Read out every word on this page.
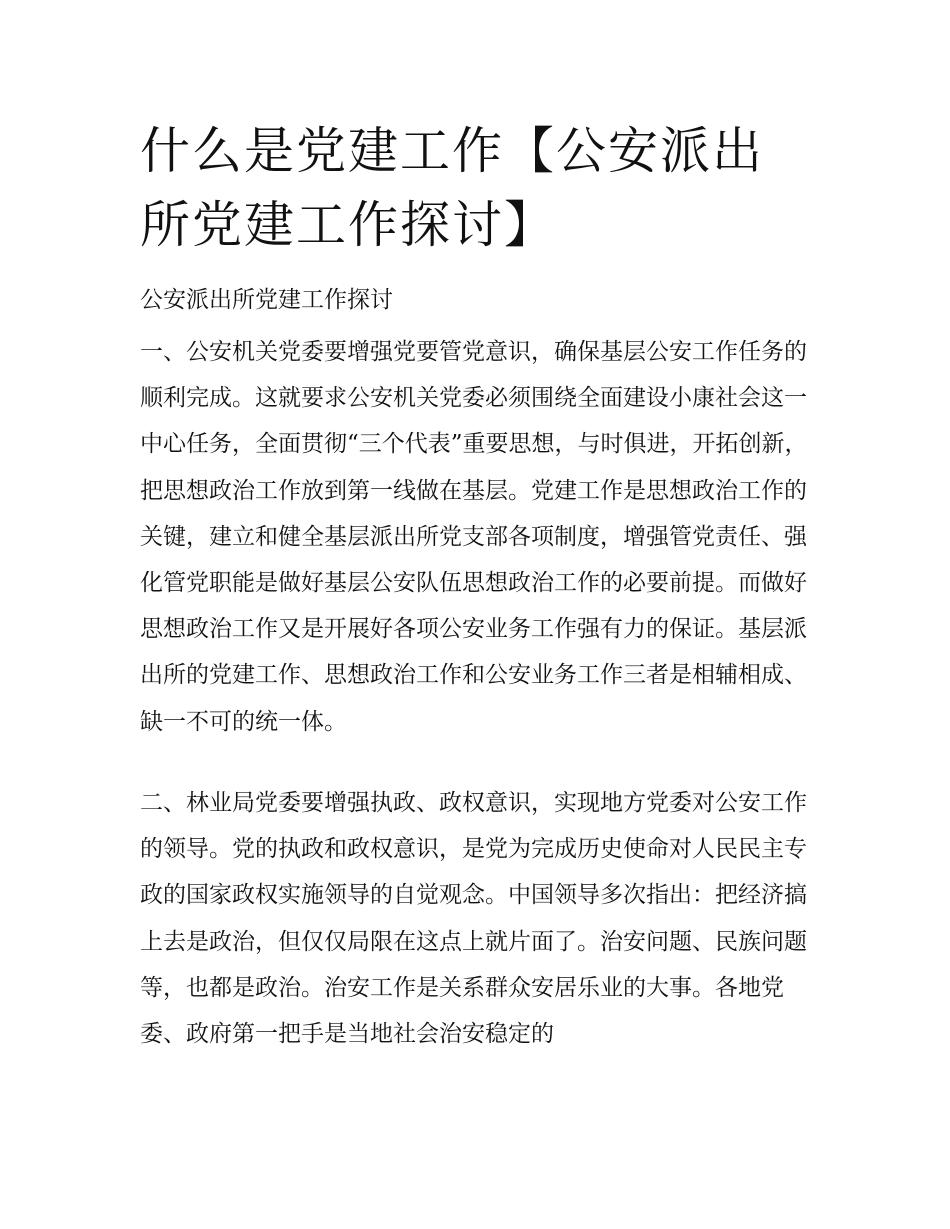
什么是党建工作【公安派出所党建工作探讨】

公安派出所党建工作探讨

一、公安机关党委要增强党要管党意识，确保基层公安工作任务的顺利完成。这就要求公安机关党委必须围绕全面建设小康社会这一中心任务，全面贯彻“三个代表”重要思想，与时俱进，开拓创新，把思想政治工作放到第一线做在基层。党建工作是思想政治工作的关键，建立和健全基层派出所党支部各项制度，增强管党责任、强化管党职能是做好基层公安队伍思想政治工作的必要前提。而做好思想政治工作又是开展好各项公安业务工作强有力的保证。基层派出所的党建工作、思想政治工作和公安业务工作三者是相辅相成、缺一不可的统一体。

二、林业局党委要增强执政、政权意识，实现地方党委对公安工作的领导。党的执政和政权意识，是党为完成历史使命对人民民主专政的国家政权实施领导的自觉观念。中国领导多次指出：把经济搞上去是政治，但仅仅局限在这点上就片面了。治安问题、民族问题等，也都是政治。治安工作是关系群众安居乐业的大事。各地党委、政府第一把手是当地社会治安稳定的
